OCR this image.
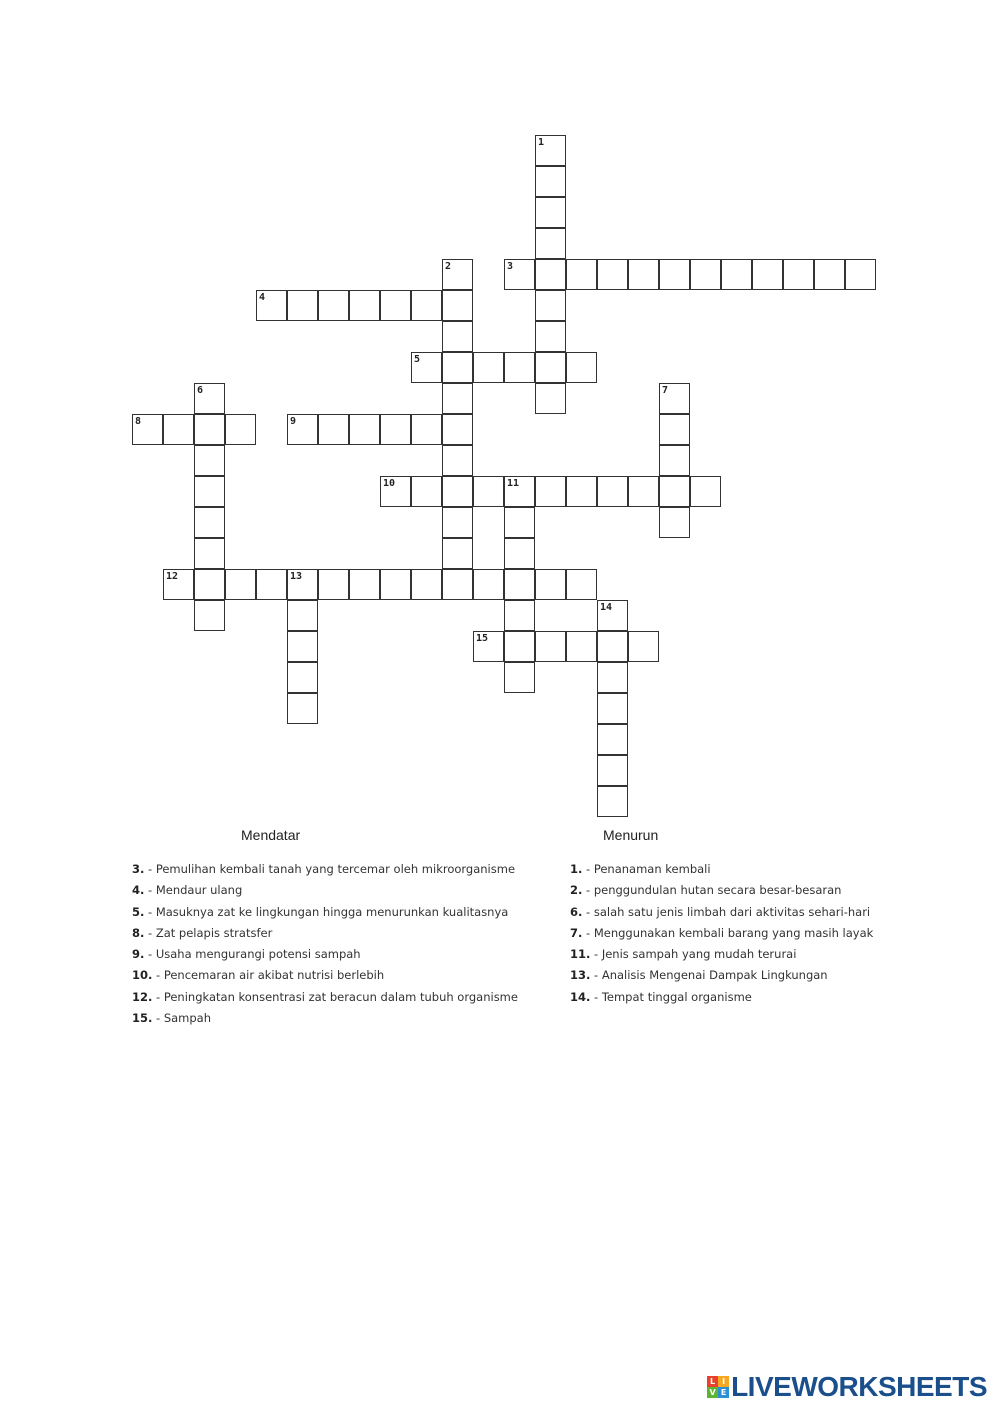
1
2	3
4
5
6	7
8	9
10	11
12	13
14
15
Mendatar	Menurun
3. - Pemulihan kembali tanah yang tercemar oleh mikroorganisme
4. - Mendaur ulang
5. - Masuknya zat ke lingkungan hingga menurunkan kualitasnya
8. - Zat pelapis stratsfer
9. - Usaha mengurangi potensi sampah
10. - Pencemaran air akibat nutrisi berlebih
12. - Peningkatan konsentrasi zat beracun dalam tubuh organisme
15. - Sampah
1. - Penanaman kembali
2. - penggundulan hutan secara besar-besaran
6. - salah satu jenis limbah dari aktivitas sehari-hari
7. - Menggunakan kembali barang yang masih layak
11. - Jenis sampah yang mudah terurai
13. - Analisis Mengenai Dampak Lingkungan
14. - Tempat tinggal organisme
L I
V E LIVEWORKSHEETS
